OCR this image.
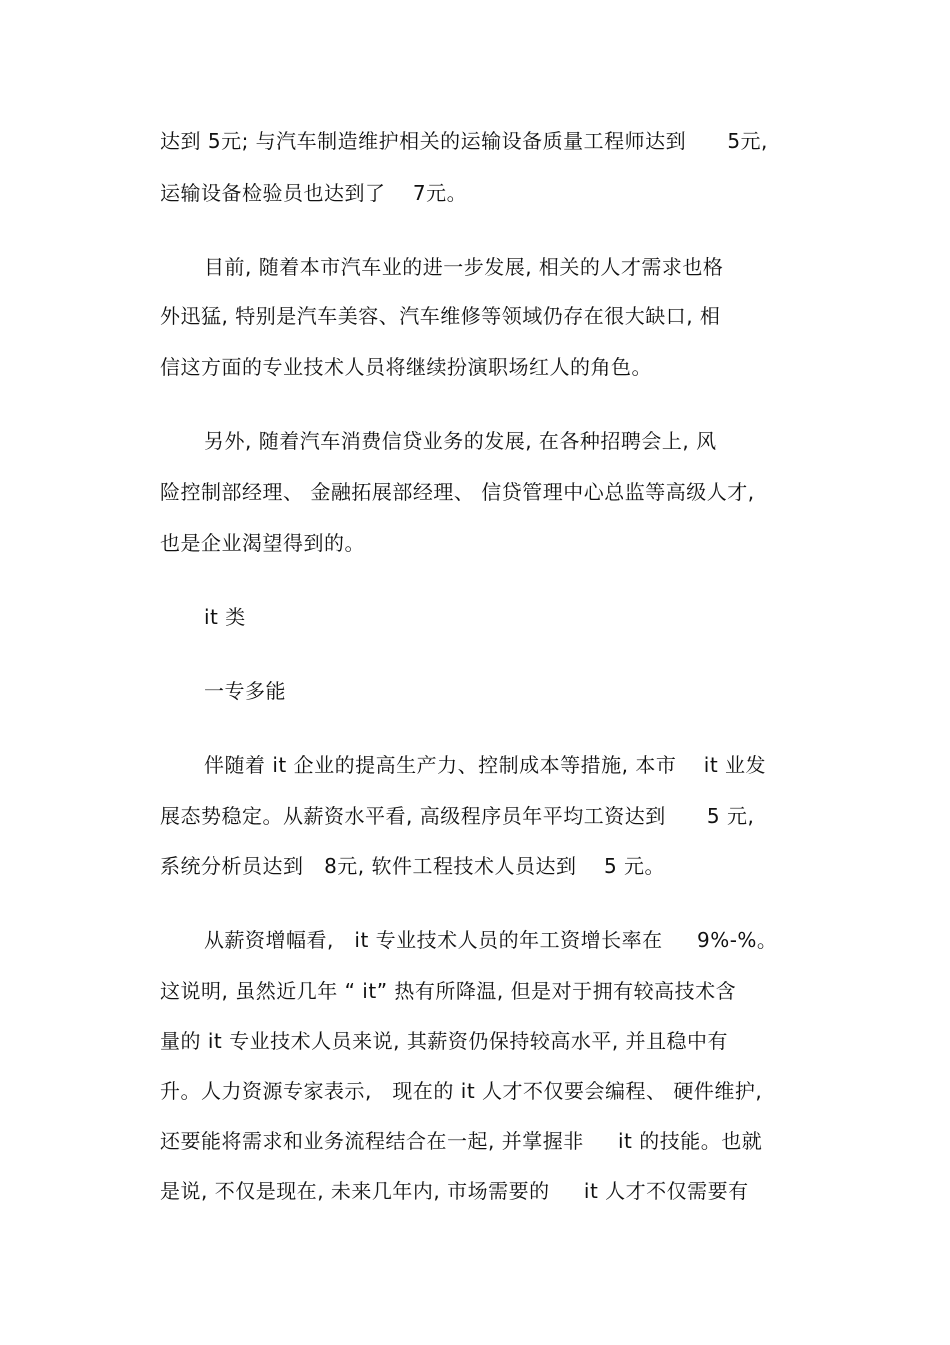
达到 5元; 与汽车制造维护相关的运输设备质量工程师达到      5元,
运输设备检验员也达到了    7元。
目前, 随着本市汽车业的进一步发展, 相关的人才需求也格
外迅猛, 特别是汽车美容、汽车维修等领域仍存在很大缺口, 相
信这方面的专业技术人员将继续扮演职场红人的角色。
另外, 随着汽车消费信贷业务的发展, 在各种招聘会上, 风
险控制部经理、 金融拓展部经理、 信贷管理中心总监等高级人才,
也是企业渴望得到的。
it 类
一专多能
伴随着 it 企业的提高生产力、控制成本等措施, 本市    it 业发
展态势稳定。从薪资水平看, 高级程序员年平均工资达到      5 元,
系统分析员达到   8元, 软件工程技术人员达到    5 元。
从薪资增幅看,   it 专业技术人员的年工资增长率在     9%-%。
这说明, 虽然近几年 “ it” 热有所降温, 但是对于拥有较高技术含
量的 it 专业技术人员来说, 其薪资仍保持较高水平, 并且稳中有
升。人力资源专家表示,   现在的 it 人才不仅要会编程、 硬件维护,
还要能将需求和业务流程结合在一起, 并掌握非     it 的技能。也就
是说, 不仅是现在, 未来几年内, 市场需要的     it 人才不仅需要有
